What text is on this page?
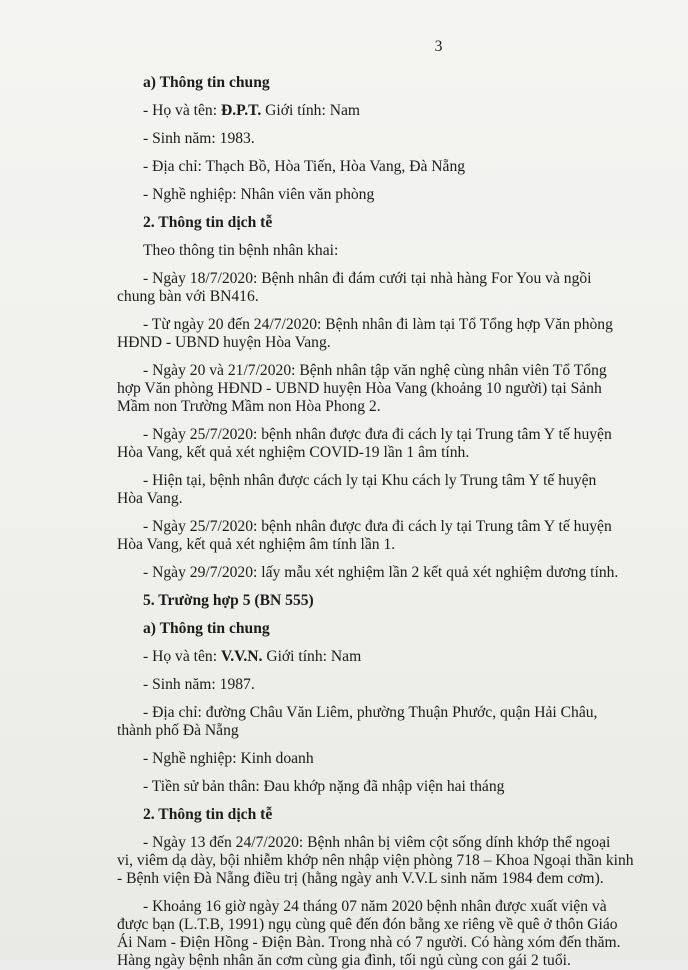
3
a) Thông tin chung
- Họ và tên: Đ.P.T. Giới tính: Nam
- Sinh năm: 1983.
- Địa chỉ: Thạch Bồ, Hòa Tiến, Hòa Vang, Đà Nẵng
- Nghề nghiệp: Nhân viên văn phòng
2. Thông tin dịch tễ
Theo thông tin bệnh nhân khai:
- Ngày 18/7/2020: Bệnh nhân đi đám cưới tại nhà hàng For You và ngồi
chung bàn với BN416.
- Từ ngày 20 đến 24/7/2020: Bệnh nhân đi làm tại Tổ Tổng hợp Văn phòng
HĐND - UBND huyện Hòa Vang.
- Ngày 20 và 21/7/2020: Bệnh nhân tập văn nghệ cùng nhân viên Tổ Tổng
hợp Văn phòng HĐND - UBND huyện Hòa Vang (khoảng 10 người) tại Sảnh
Mầm non Trường Mầm non Hòa Phong 2.
- Ngày 25/7/2020: bệnh nhân được đưa đi cách ly tại Trung tâm Y tế huyện
Hòa Vang, kết quả xét nghiệm COVID-19 lần 1 âm tính.
- Hiện tại, bệnh nhân được cách ly tại Khu cách ly Trung tâm Y tế huyện
Hòa Vang.
- Ngày 25/7/2020: bệnh nhân được đưa đi cách ly tại Trung tâm Y tế huyện
Hòa Vang, kết quả xét nghiệm âm tính lần 1.
- Ngày 29/7/2020: lấy mẫu xét nghiệm lần 2 kết quả xét nghiệm dương tính.
5. Trường hợp 5 (BN 555)
a) Thông tin chung
- Họ và tên: V.V.N. Giới tính: Nam
- Sinh năm: 1987.
- Địa chỉ: đường Châu Văn Liêm, phường Thuận Phước, quận Hải Châu,
thành phố Đà Nẵng
- Nghề nghiệp: Kinh doanh
- Tiền sử bản thân: Đau khớp nặng đã nhập viện hai tháng
2. Thông tin dịch tễ
- Ngày 13 đến 24/7/2020: Bệnh nhân bị viêm cột sống dính khớp thể ngoại
vi, viêm dạ dày, bội nhiễm khớp nên nhập viện phòng 718 – Khoa Ngoại thần kinh
- Bệnh viện Đà Nẵng điều trị (hằng ngày anh V.V.L sinh năm 1984 đem cơm).
- Khoảng 16 giờ ngày 24 tháng 07 năm 2020 bệnh nhân được xuất viện và
được bạn (L.T.B, 1991) ngụ cùng quê đến đón bằng xe riêng về quê ở thôn Giáo
Ái Nam - Điện Hồng - Điện Bàn. Trong nhà có 7 người. Có hàng xóm đến thăm.
Hàng ngày bệnh nhân ăn cơm cùng gia đình, tối ngủ cùng con gái 2 tuổi.
